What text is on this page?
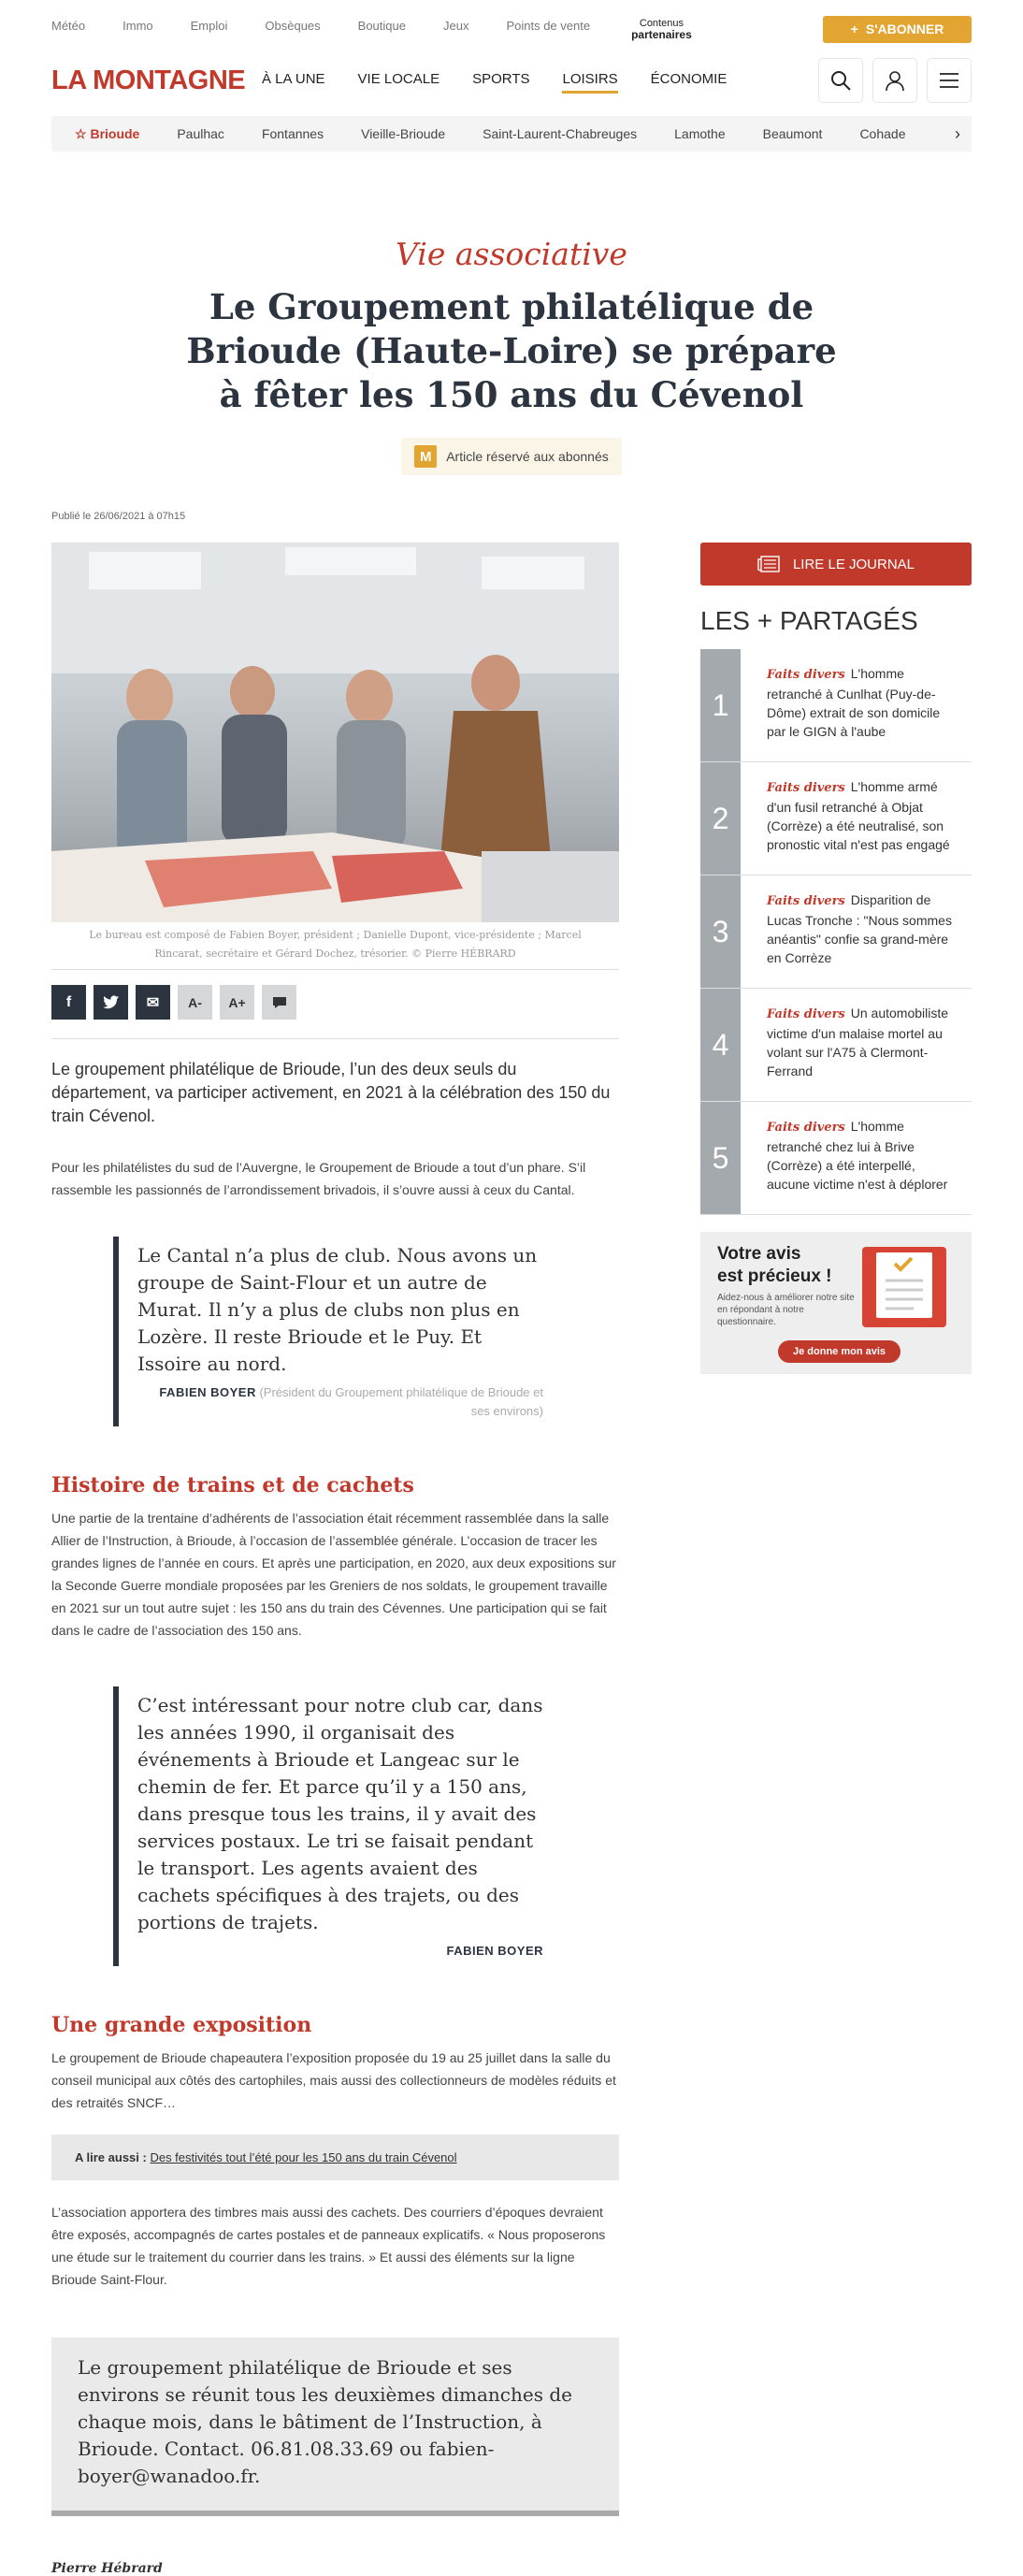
Météo	Immo	Emploi	Obsèques	Boutique	Jeux	Points de vente	Contenus
partenaires	+ S'ABONNER
LA MONTAGNE	À LA UNE VIE LOCALE SPORTS LOISIRS ÉCONOMIE
☆ Brioude	Paulhac	Fontannes	Vieille-Brioude	Saint-Laurent-Chabreuges	Lamothe	Beaumont	Cohade	›
Vie associative
Le Groupement philatélique de Brioude (Haute-Loire) se prépare à fêter les 150 ans du Cévenol
M	Article réservé aux abonnés
Publié le 26/06/2021 à 07h15
Le bureau est composé de Fabien Boyer, président ; Danielle Dupont, vice-présidente ; Marcel Rincarat, secrétaire et Gérard Dochez, trésorier. © Pierre HÉBRARD
f	✉	A-	A+

Le groupement philatélique de Brioude, l’un des deux seuls du département, va participer activement, en 2021 à la célébration des 150 du train Cévenol.

Pour les philatélistes du sud de l’Auvergne, le Groupement de Brioude a tout d’un phare. S’il rassemble les passionnés de l’arrondissement brivadois, il s’ouvre aussi à ceux du Cantal.

Le Cantal n’a plus de club. Nous avons un groupe de Saint-Flour et un autre de Murat. Il n’y a plus de clubs non plus en Lozère. Il reste Brioude et le Puy. Et Issoire au nord.

FABIEN BOYER (Président du Groupement philatélique de Brioude et ses environs)

Histoire de trains et de cachets

Une partie de la trentaine d’adhérents de l’association était récemment rassemblée dans la salle Allier de l’Instruction, à Brioude, à l’occasion de l’assemblée générale. L’occasion de tracer les grandes lignes de l’année en cours. Et après une participation, en 2020, aux deux expositions sur la Seconde Guerre mondiale proposées par les Greniers de nos soldats, le groupement travaille en 2021 sur un tout autre sujet : les 150 ans du train des Cévennes. Une participation qui se fait dans le cadre de l’association des 150 ans.

C’est intéressant pour notre club car, dans les années 1990, il organisait des événements à Brioude et Langeac sur le chemin de fer. Et parce qu’il y a 150 ans, dans presque tous les trains, il y avait des services postaux. Le tri se faisait pendant le transport. Les agents avaient des cachets spécifiques à des trajets, ou des portions de trajets.

FABIEN BOYER

Une grande exposition

Le groupement de Brioude chapeautera l’exposition proposée du 19 au 25 juillet dans la salle du conseil municipal aux côtés des cartophiles, mais aussi des collectionneurs de modèles réduits et des retraités SNCF…

A lire aussi : Des festivités tout l’été pour les 150 ans du train Cévenol

L’association apportera des timbres mais aussi des cachets. Des courriers d’époques devraient être exposés, accompagnés de cartes postales et de panneaux explicatifs. « Nous proposerons une étude sur le traitement du courrier dans les trains. » Et aussi des éléments sur la ligne Brioude Saint-Flour.

Le groupement philatélique de Brioude et ses environs se réunit tous les deuxièmes dimanches de chaque mois, dans le bâtiment de l’Instruction, à Brioude. Contact. 06.81.08.33.69 ou fabien-boyer@wanadoo.fr.

Pierre Hébrard
LIRE LE JOURNAL
LES + PARTAGÉS
1
Faits divers L'homme retranché à Cunlhat (Puy-de-Dôme) extrait de son domicile par le GIGN à l'aube
2
Faits divers L'homme armé d'un fusil retranché à Objat (Corrèze) a été neutralisé, son pronostic vital n'est pas engagé
3
Faits divers Disparition de Lucas Tronche : "Nous sommes anéantis" confie sa grand-mère en Corrèze
4
Faits divers Un automobiliste victime d'un malaise mortel au volant sur l'A75 à Clermont-Ferrand
5
Faits divers L'homme retranché chez lui à Brive (Corrèze) a été interpellé, aucune victime n'est à déplorer
Votre avis
est précieux !

Aidez-nous à améliorer notre site en répondant à notre questionnaire.

Je donne mon avis
